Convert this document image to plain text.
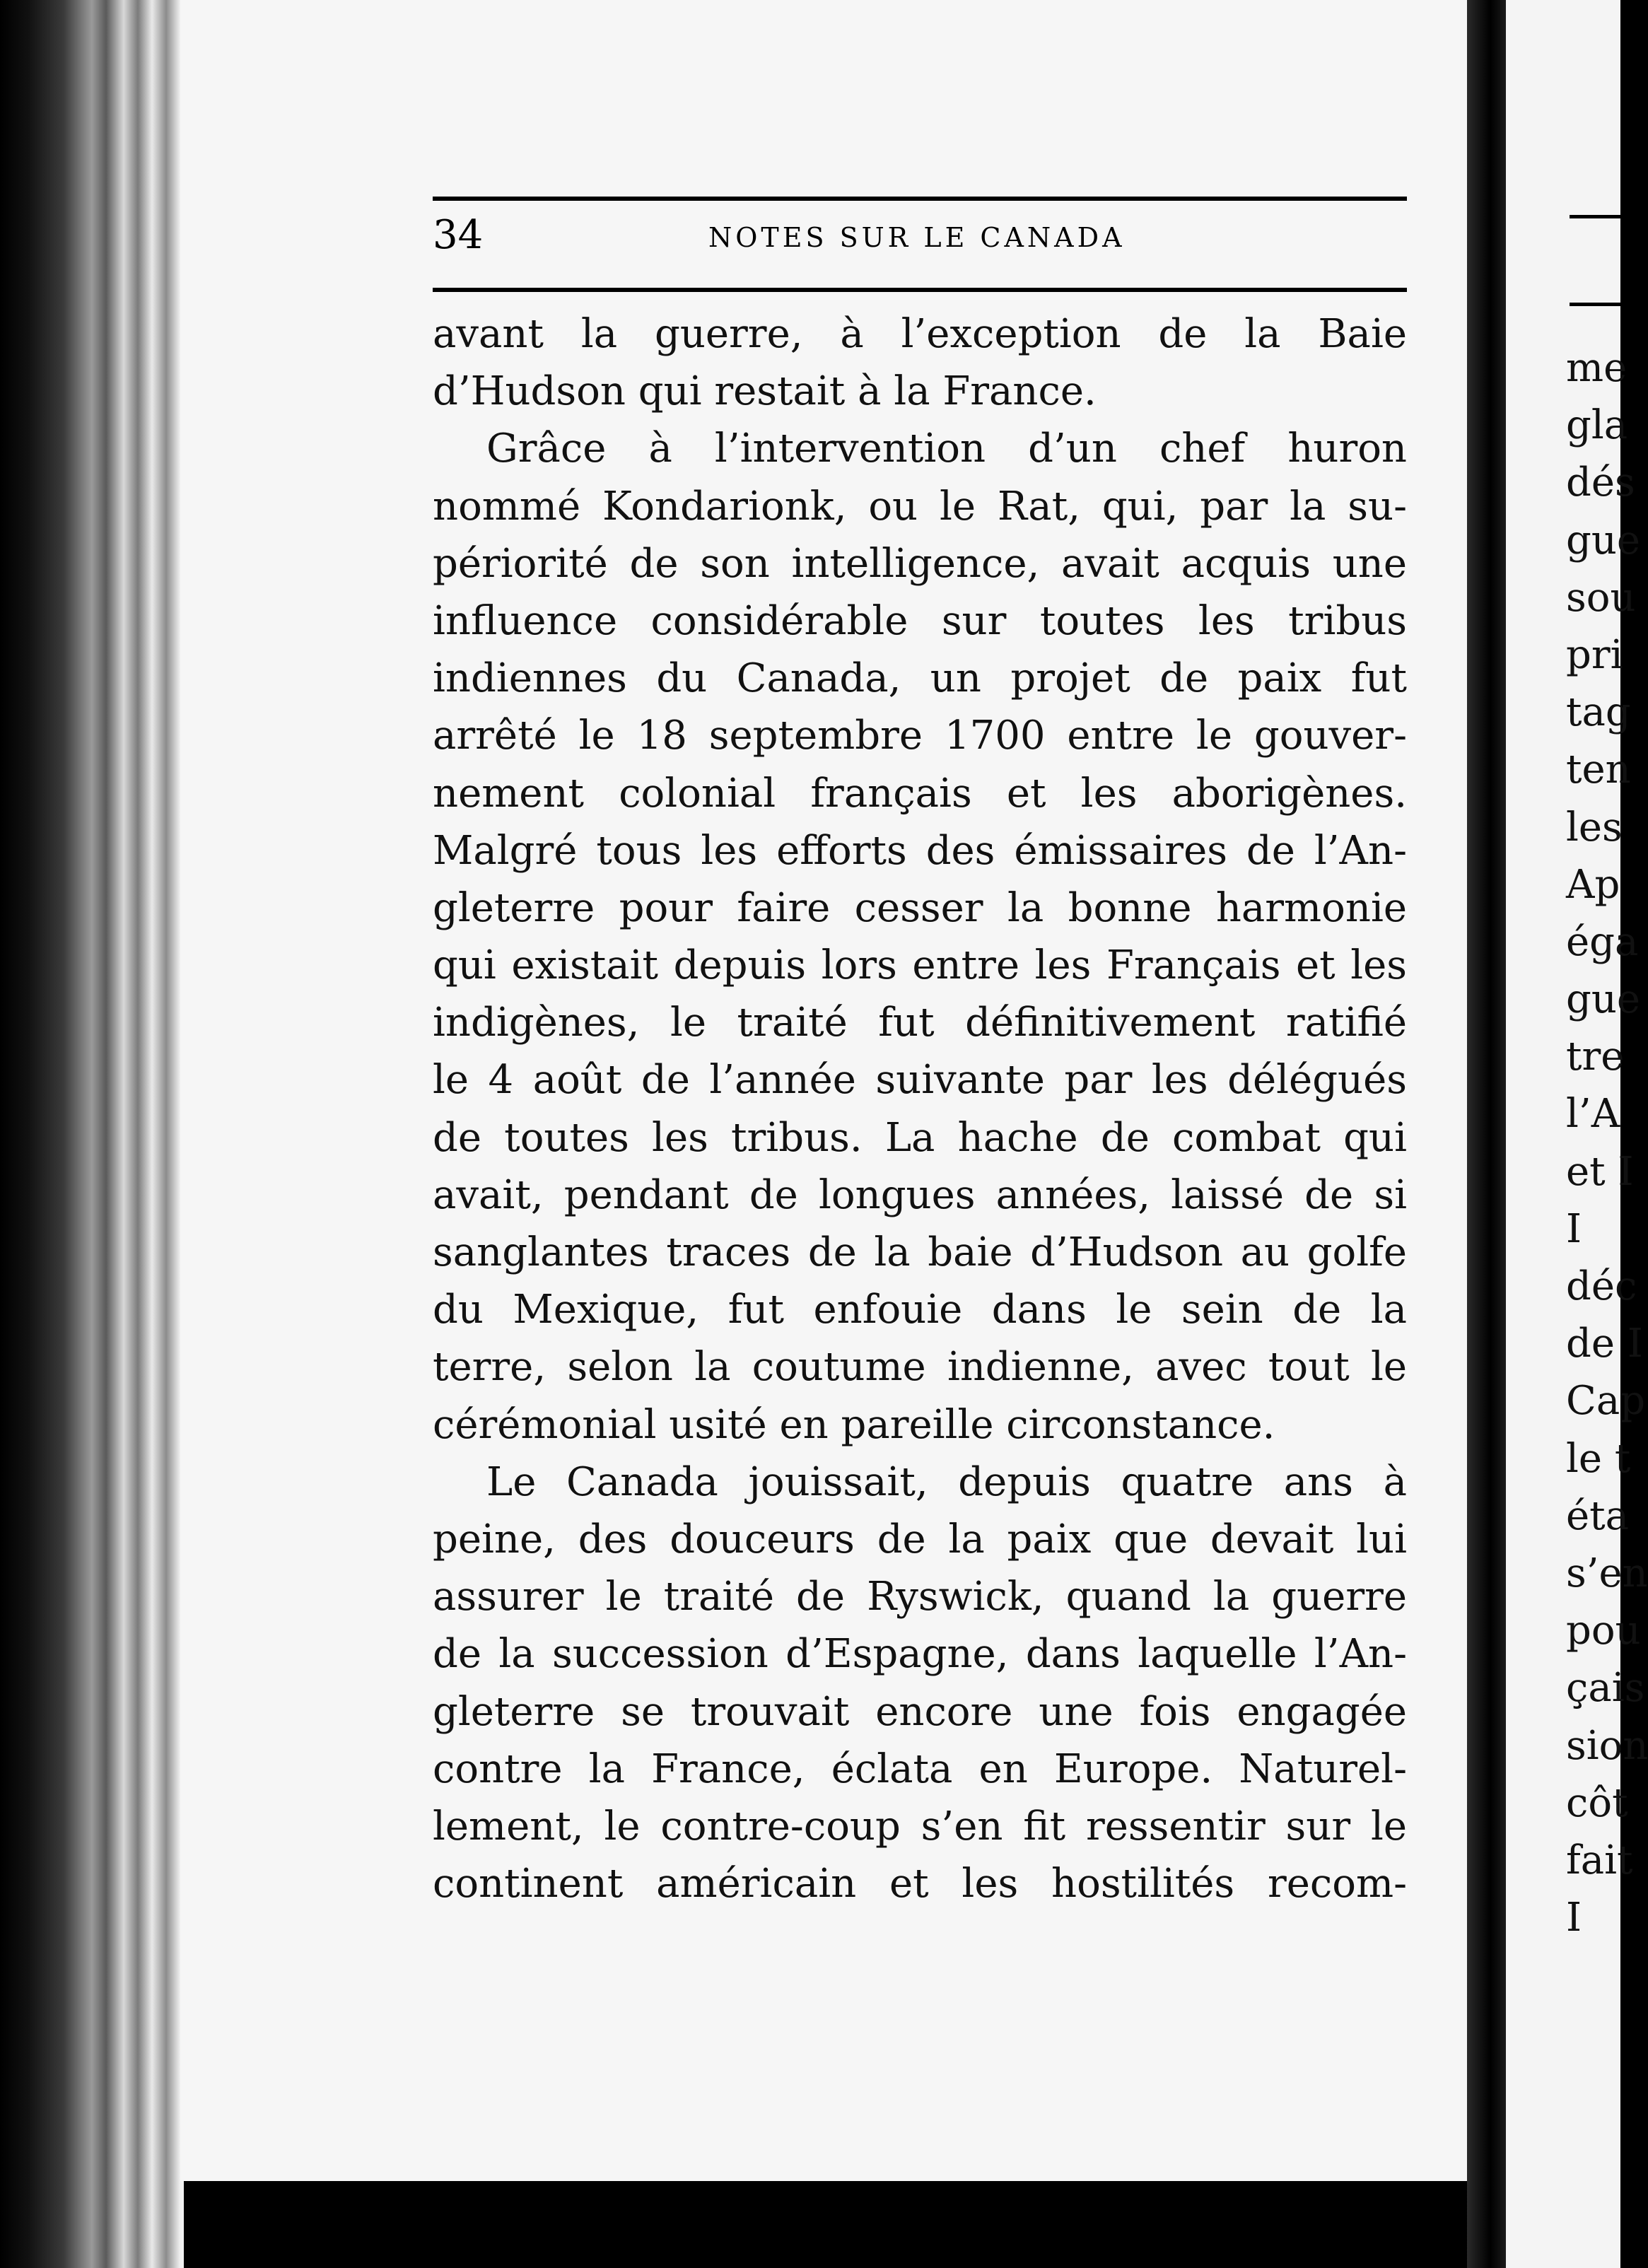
34	NOTES SUR LE CANADA
avant la guerre, à l’exception de la Baie
d’Hudson qui restait à la France.
Grâce à l’intervention d’un chef huron
nommé Kondarionk, ou le Rat, qui, par la su-
périorité de son intelligence, avait acquis une
influence considérable sur toutes les tribus
indiennes du Canada, un projet de paix fut
arrêté le 18 septembre 1700 entre le gouver-
nement colonial français et les aborigènes.
Malgré tous les efforts des émissaires de l’An-
gleterre pour faire cesser la bonne harmonie
qui existait depuis lors entre les Français et les
indigènes, le traité fut définitivement ratifié
le 4 août de l’année suivante par les délégués
de toutes les tribus. La hache de combat qui
avait, pendant de longues années, laissé de si
sanglantes traces de la baie d’Hudson au golfe
du Mexique, fut enfouie dans le sein de la
terre, selon la coutume indienne, avec tout le
cérémonial usité en pareille circonstance.
Le Canada jouissait, depuis quatre ans à
peine, des douceurs de la paix que devait lui
assurer le traité de Ryswick, quand la guerre
de la succession d’Espagne, dans laquelle l’An-
gleterre se trouvait encore une fois engagée
contre la France, éclata en Europe. Naturel-
lement, le contre-coup s’en fit ressentir sur le
continent américain et les hostilités recom-
me
gla
dés
gue
sou
pri
tag
ten
les
Ap
éga
gue
tre
l’A
et I
I
déc
de I
Cap
le t
éta
s’en
pou
çais
sion
côt
fait
I
